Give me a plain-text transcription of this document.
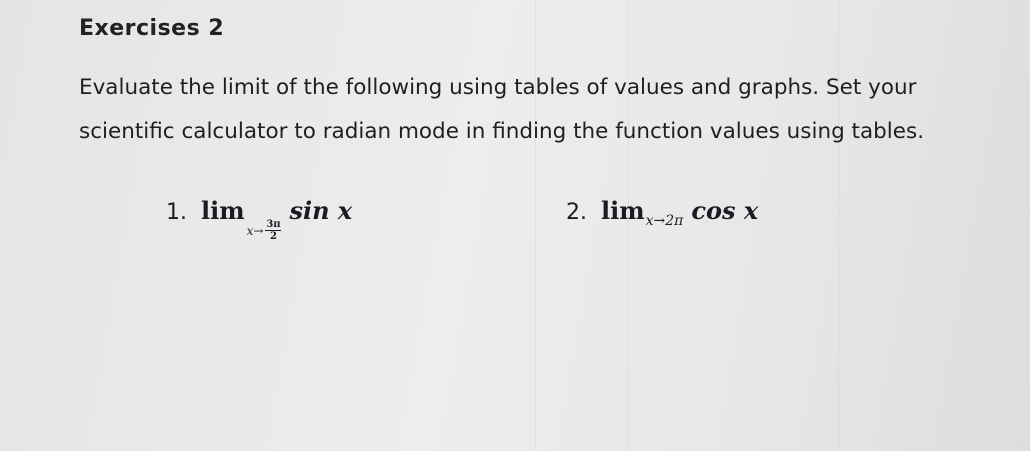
Exercises 2
Evaluate the limit of the following using tables of values and graphs. Set your
scientific calculator to radian mode in finding the function values using tables.
1. lim
$x\to \frac{3\pi}{2}$
sin x	2. lim x→2π cos x
